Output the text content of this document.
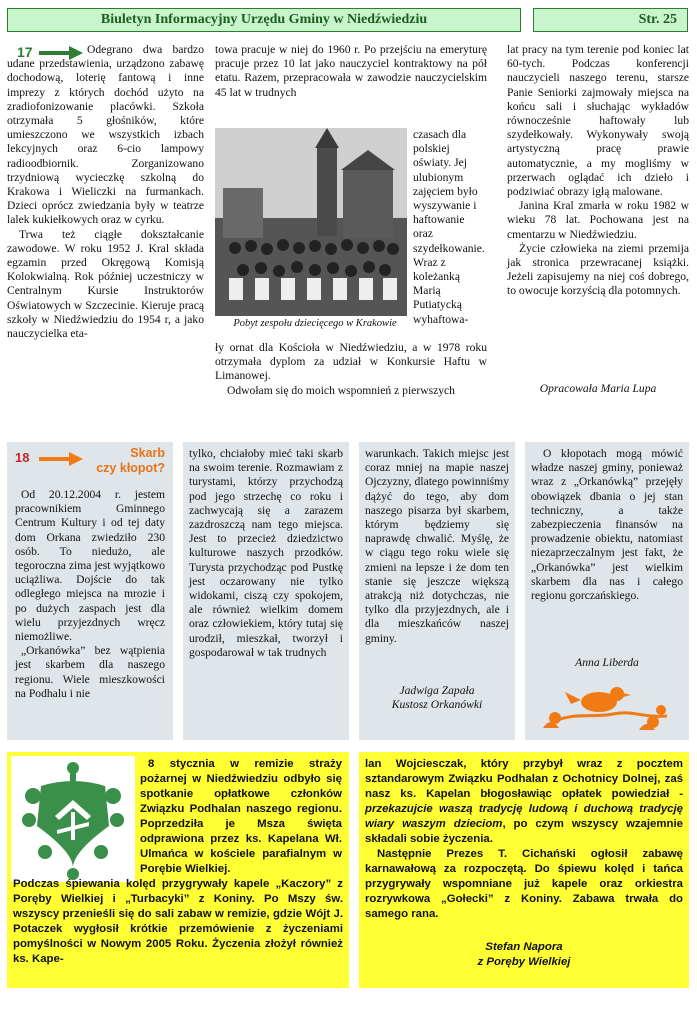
Biuletyn Informacyjny Urzędu Gminy w Niedźwiedziu	Str. 25
17	Odegrano dwa bardzo udane przedstawienia, urządzono zabawę dochodową, loterię fantową i inne imprezy z których dochód użyto na zradiofonizowanie placówki. Szkoła otrzymała 5 głośników, które umieszczono we wszystkich izbach lekcyjnych oraz 6-cio lampowy radioodbiornik. Zorganizowano trzydniową wycieczkę szkolną do Krakowa i Wieliczki na furmankach. Dzieci oprócz zwiedzania były w teatrze lalek kukiełkowych oraz w cyrku.

Trwa też ciągłe dokształcanie zawodowe. W roku 1952 J. Kral składa egzamin przed Okręgową Komisją Kolokwialną. Rok później uczestniczy w Centralnym Kursie Instruktorów Oświatowych w Szczecinie. Kieruje pracą szkoły w Niedźwiedziu do 1954 r, a jako nauczycielka eta-

towa pracuje w niej do 1960 r. Po przejściu na emeryturę pracuje przez 10 lat jako nauczyciel kontraktowy na pół etatu. Razem, przepracowała w zawodzie nauczycielskim 45 lat w trudnych

Pobyt zespołu dziecięcego w Krakowie

czasach dla polskiej oświaty. Jej ulubionym zajęciem było wyszywanie i haftowanie oraz szydełkowanie. Wraz z koleżanką Marią Putiatycką wyhaftowa-

ły ornat dla Kościoła w Niedźwiedziu, a w 1978 roku otrzymała dyplom za udział w Konkursie Haftu w Limanowej.

Odwołam się do moich wspomnień z pierwszych

lat pracy na tym terenie pod koniec lat 60-tych. Podczas konferencji nauczycieli naszego terenu, starsze Panie Seniorki zajmowały miejsca na końcu sali i słuchając wykładów równocześnie haftowały lub szydełkowały. Wykonywały swoją artystyczną pracę prawie automatycznie, a my mogliśmy w przerwach oglądać ich dzieło i podziwiać obrazy igłą malowane.

Janina Kral zmarła w roku 1982 w wieku 78 lat. Pochowana jest na cmentarzu w Niedźwiedziu.

Życie człowieka na ziemi przemija jak stronica przewracanej książki. Jeżeli zapisujemy na niej coś dobrego, to owocuje korzyścią dla potomnych.

Opracowała Maria Lupa
18	Skarb
czy kłopot?

Od 20.12.2004 r. jestem pracownikiem Gminnego Centrum Kultury i od tej daty dom Orkana zwiedziło 230 osób. To niedużo, ale tegoroczna zima jest wyjątkowo uciążliwa. Dojście do tak odległego miejsca na mrozie i po dużych zaspach jest dla wielu przyjezdnych wręcz niemożliwe.

„Orkanówka” bez wątpienia jest skarbem dla naszego regionu. Wiele mieszkowości na Podhalu i nie

tylko, chciałoby mieć taki skarb na swoim terenie. Rozmawiam z turystami, którzy przychodzą pod jego strzechę co roku i zachwycają się a zarazem zazdroszczą nam tego miejsca. Jest to przecież dziedzictwo kulturowe naszych przodków. Turysta przychodząc pod Pustkę jest oczarowany nie tylko widokami, ciszą czy spokojem, ale również wielkim domem oraz człowiekiem, który tutaj się urodził, mieszkał, tworzył i gospodarował w tak trudnych

warunkach. Takich miejsc jest coraz mniej na mapie naszej Ojczyzny, dlatego powinniśmy dążyć do tego, aby dom naszego pisarza był skarbem, którym będziemy się naprawdę chwalić. Myślę, że w ciągu tego roku wiele się zmieni na lepsze i że dom ten stanie się jeszcze większą atrakcją niż dotychczas, nie tylko dla przyjezdnych, ale i dla mieszkańców naszej gminy.

Jadwiga Zapała
Kustosz Orkanówki

O kłopotach mogą mówić władze naszej gminy, ponieważ wraz z „Orkanówką” przejęły obowiązek dbania o jej stan techniczny, a także zabezpieczenia finansów na prowadzenie obiektu, natomiast niezaprzeczalnym jest fakt, że „Orkanówka” jest wielkim skarbem dla nas i całego regionu gorczańskiego.

Anna Liberda
8 stycznia w remizie straży pożarnej w Niedźwiedziu odbyło się spotkanie opłatkowe członków Związku Podhalan naszego regionu. Poprzedziła je Msza święta odprawiona przez ks. Kapelana Wł. Ulmańca w kościele parafialnym w Porębie Wielkiej.
Podczas śpiewania kolęd przygrywały kapele „Kaczory” z Poręby Wielkiej i „Turbacyki” z Koniny. Po Mszy św. wszyscy przenieśli się do sali zabaw w remizie, gdzie Wójt J. Potaczek wygłosił krótkie przemówienie z życzeniami pomyślności w Nowym 2005 Roku. Życzenia złożył również ks. Kape-
lan Wojciesczak, który przybył wraz z pocztem sztandarowym Związku Podhalan z Ochotnicy Dolnej, zaś nasz ks. Kapelan błogosławiąc opłatek powiedział - przekazujcie waszą tradycję ludową i duchową tradycję wiary waszym dzieciom, po czym wszyscy wzajemnie składali sobie życzenia.
Następnie Prezes T. Cichański ogłosił zabawę karnawałową za rozpoczętą. Do śpiewu kolęd i tańca przygrywały wspomniane już kapele oraz orkiestra rozrywkowa „Gołecki” z Koniny. Zabawa trwała do samego rana.
Stefan Napora
z Poręby Wielkiej
